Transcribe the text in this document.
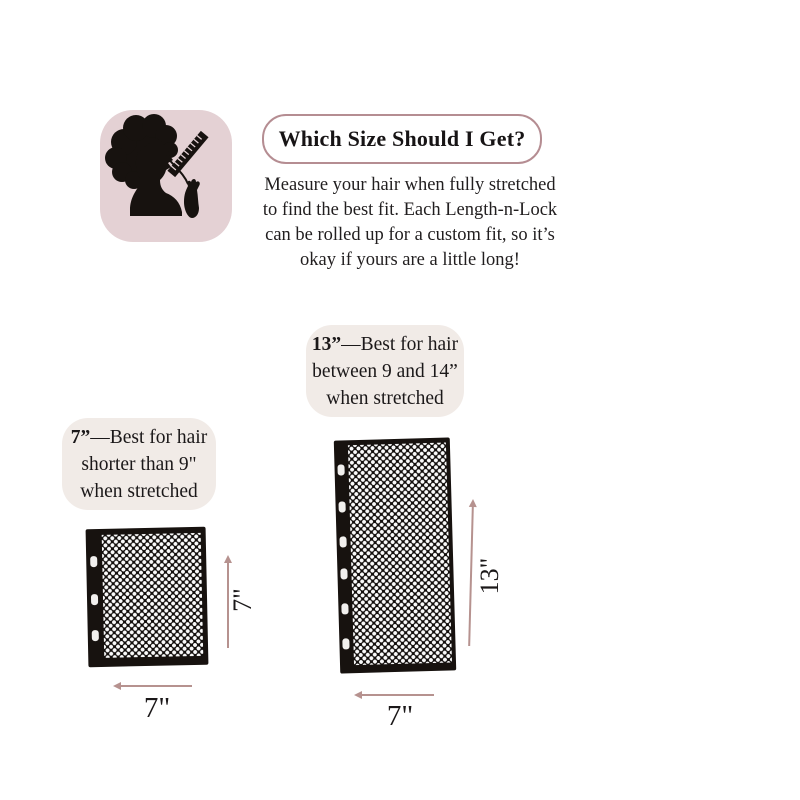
Which Size Should I Get?
Measure your hair when fully stretched
to find the best fit. Each Length-n-Lock
can be rolled up for a custom fit, so it’s
okay if yours are a little long!
13”—Best for hair
between 9 and 14”
when stretched
7”—Best for hair
shorter than 9"
when stretched
7"
7"
13"
7"
